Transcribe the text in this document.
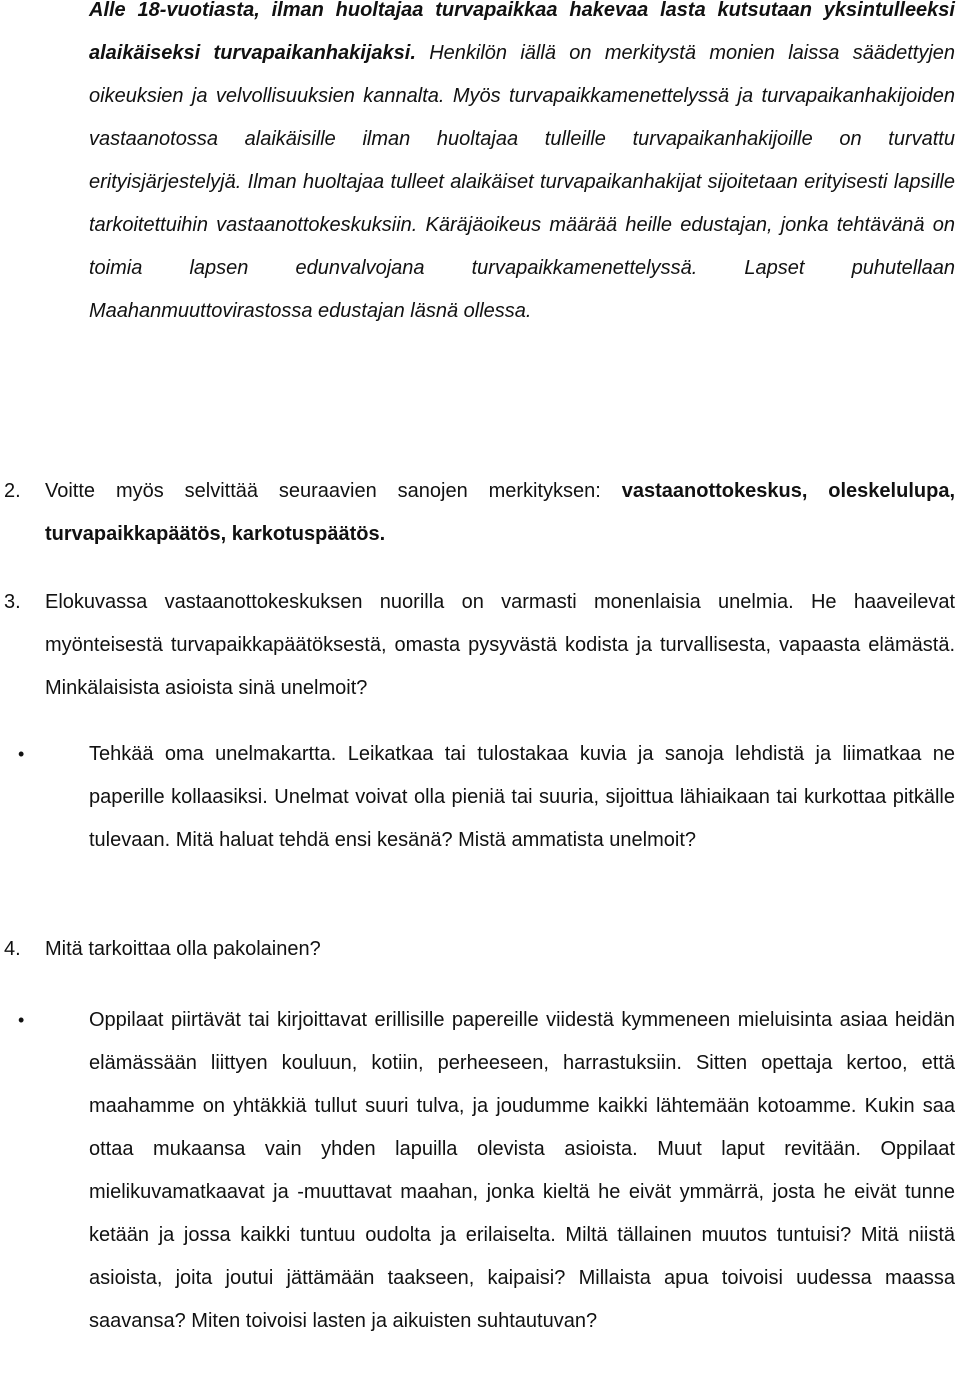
Alle 18-vuotiasta, ilman huoltajaa turvapaikkaa hakevaa lasta kutsutaan yksintulleeksi alaikäiseksi turvapaikanhakijaksi. Henkilön iällä on merkitystä monien laissa säädettyjen oikeuksien ja velvollisuuksien kannalta. Myös turvapaikkamenettelyssä ja turvapaikanhakijoiden vastaanotossa alaikäisille ilman huoltajaa tulleille turvapaikanhakijoille on turvattu erityisjärjestelyjä. Ilman huoltajaa tulleet alaikäiset turvapaikanhakijat sijoitetaan erityisesti lapsille tarkoitettuihin vastaanottokeskuksiin. Käräjäoikeus määrää heille edustajan, jonka tehtävänä on toimia lapsen edunvalvojana turvapaikkamenettelyssä. Lapset puhutellaan Maahanmuuttovirastossa edustajan läsnä ollessa.

2. Voitte myös selvittää seuraavien sanojen merkityksen: vastaanottokeskus, oleskelulupa, turvapaikkapäätös, karkotuspäätös.

3. Elokuvassa vastaanottokeskuksen nuorilla on varmasti monenlaisia unelmia. He haaveilevat myönteisestä turvapaikkapäätöksestä, omasta pysyvästä kodista ja turvallisesta, vapaasta elämästä. Minkälaisista asioista sinä unelmoit?

•	Tehkää oma unelmakartta. Leikatkaa tai tulostakaa kuvia ja sanoja lehdistä ja liimatkaa ne paperille kollaasiksi. Unelmat voivat olla pieniä tai suuria, sijoittua lähiaikaan tai kurkottaa pitkälle tulevaan. Mitä haluat tehdä ensi kesänä? Mistä ammatista unelmoit?

4. Mitä tarkoittaa olla pakolainen?

•	Oppilaat piirtävät tai kirjoittavat erillisille papereille viidestä kymmeneen mieluisinta asiaa heidän elämässään liittyen kouluun, kotiin, perheeseen, harrastuksiin. Sitten opettaja kertoo, että maahamme on yhtäkkiä tullut suuri tulva, ja joudumme kaikki lähtemään kotoamme. Kukin saa ottaa mukaansa vain yhden lapuilla olevista asioista. Muut laput revitään. Oppilaat mielikuvamatkaavat ja -muuttavat maahan, jonka kieltä he eivät ymmärrä, josta he eivät tunne ketään ja jossa kaikki tuntuu oudolta ja erilaiselta. Miltä tällainen muutos tuntuisi? Mitä niistä asioista, joita joutui jättämään taakseen, kaipaisi? Millaista apua toivoisi uudessa maassa saavansa? Miten toivoisi lasten ja aikuisten suhtautuvan?
